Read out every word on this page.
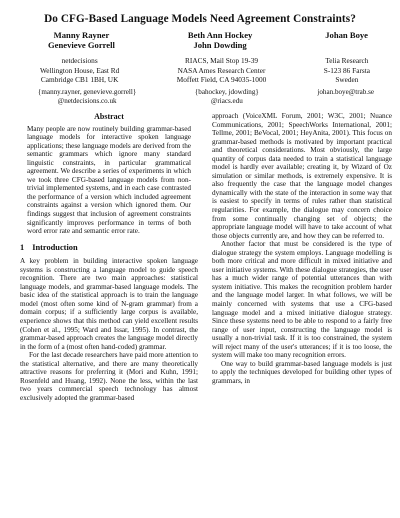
Do CFG-Based Language Models Need Agreement Constraints?
Manny Rayner
Genevieve Gorrell
Beth Ann Hockey
John Dowding
Johan Boye
netdecisions
Wellington House, East Rd
Cambridge CB1 1BH, UK
RIACS, Mail Stop 19-39
NASA Ames Research Center
Moffett Field, CA 94035-1000
Telia Research
S-123 86 Farsta
Sweden
{manny.rayner, genevieve.gorrell}
@netdecisions.co.uk
{bahockey, jdowding}
@riacs.edu
johan.boye@trab.se
Abstract

Many people are now routinely building grammar-based language models for interactive spoken language applications; these language models are derived from the semantic grammars which ignore many standard linguistic constraints, in particular grammatical agreement. We describe a series of experiments in which we took three CFG-based language models from non-trivial implemented systems, and in each case contrasted the performance of a version which included agreement constraints against a version which ignored them. Our findings suggest that inclusion of agreement constraints significantly improves performance in terms of both word error rate and semantic error rate.

1 Introduction

A key problem in building interactive spoken language systems is constructing a language model to guide speech recognition. There are two main approaches: statistical language models, and grammar-based language models. The basic idea of the statistical approach is to train the language model (most often some kind of N-gram grammar) from a domain corpus; if a sufficiently large corpus is available, experience shows that this method can yield excellent results (Cohen et al., 1995; Ward and Issar, 1995). In contrast, the grammar-based approach creates the language model directly in the form of a (most often hand-coded) grammar.

For the last decade researchers have paid more attention to the statistical alternative, and there are many theoretically attractive reasons for preferring it (Mori and Kuhn, 1991; Rosenfeld and Huang, 1992). None the less, within the last two years commercial speech technology has almost exclusively adopted the grammar-based

approach (VoiceXML Forum, 2001; W3C, 2001; Nuance Communications, 2001; SpeechWorks International, 2001; Tellme, 2001; BeVocal, 2001; HeyAnita, 2001). This focus on grammar-based methods is motivated by important practical and theoretical considerations. Most obviously, the large quantity of corpus data needed to train a statistical language model is hardly ever available; creating it, by Wizard of Oz simulation or similar methods, is extremely expensive. It is also frequently the case that the language model changes dynamically with the state of the interaction in some way that is easiest to specify in terms of rules rather than statistical regularities. For example, the dialogue may concern choice from some continually changing set of objects; the appropriate language model will have to take account of what those objects currently are, and how they can be referred to.

Another factor that must be considered is the type of dialogue strategy the system employs. Language modelling is both more critical and more difficult in mixed initiative and user initiative systems. With these dialogue strategies, the user has a much wider range of potential utterances than with system initiative. This makes the recognition problem harder and the language model larger. In what follows, we will be mainly concerned with systems that use a CFG-based language model and a mixed initiative dialogue strategy. Since these systems need to be able to respond to a fairly free range of user input, constructing the language model is usually a non-trivial task. If it is too constrained, the system will reject many of the user's utterances; if it is too loose, the system will make too many recognition errors.

One way to build grammar-based language models is just to apply the techniques developed for building other types of grammars, in
